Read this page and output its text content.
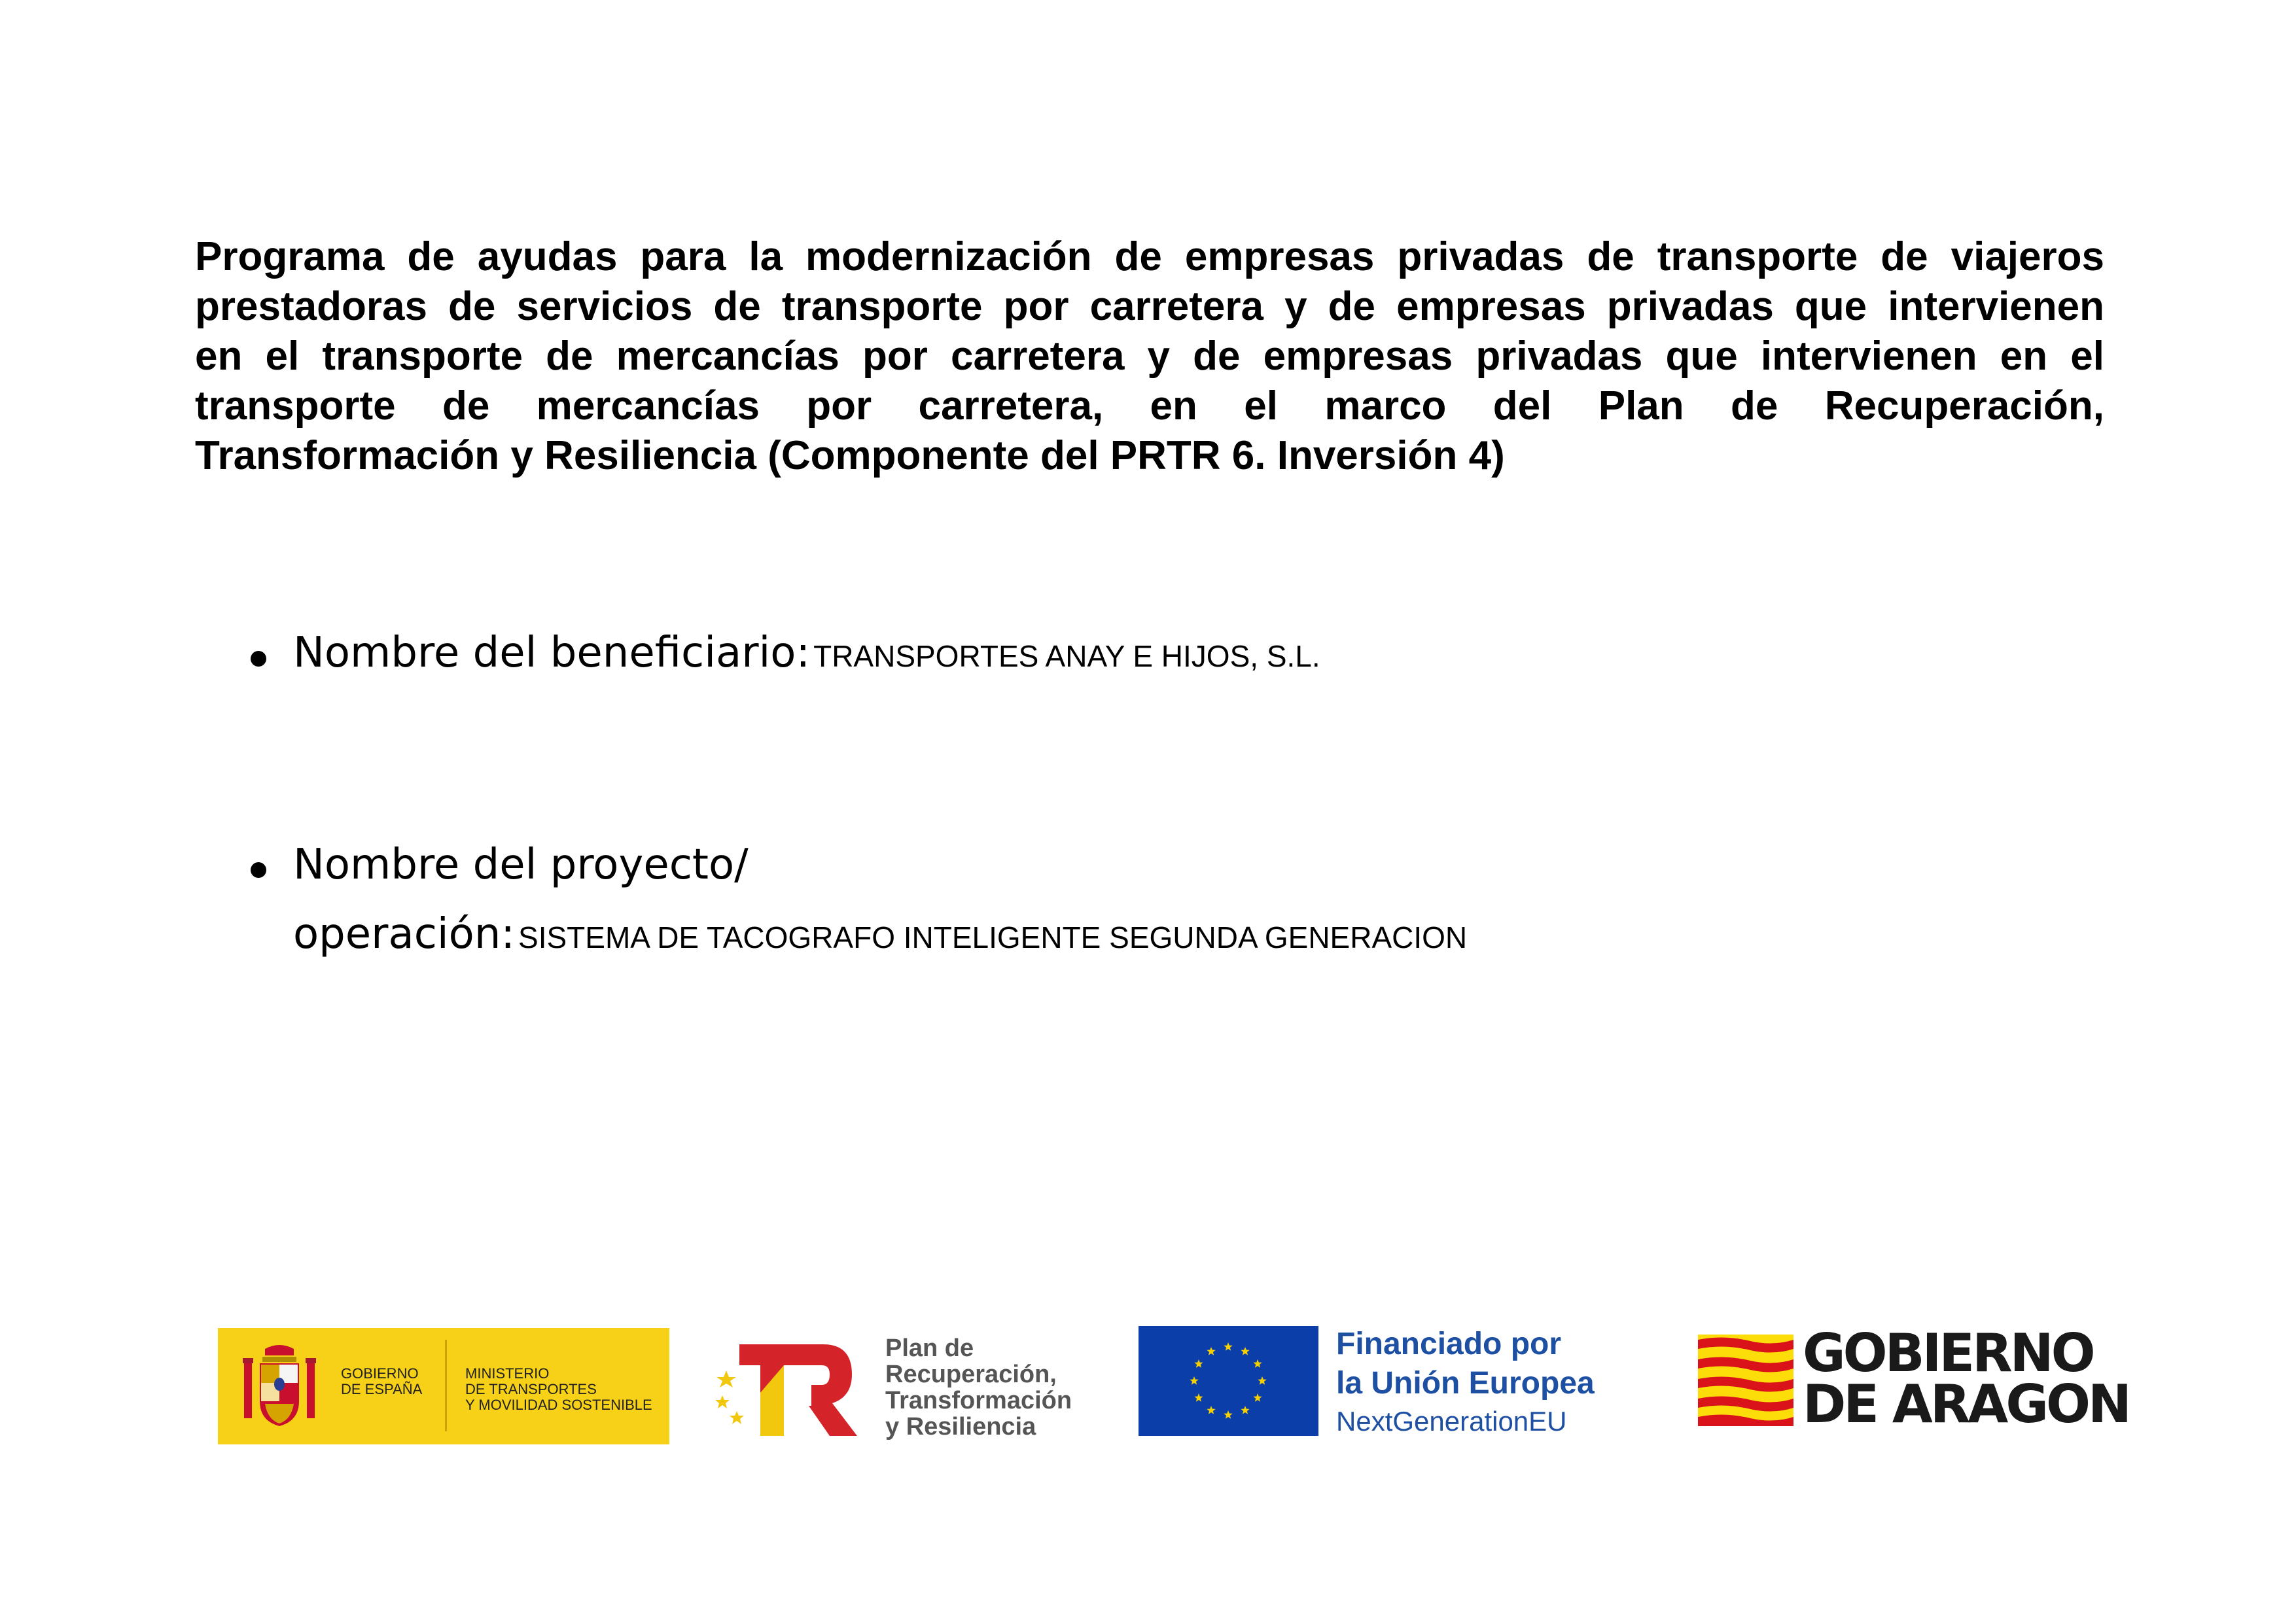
Programa de ayudas para la modernización de empresas privadas de transporte de viajeros
prestadoras de servicios de transporte por carretera y de empresas privadas que intervienen
en el transporte de mercancías por carretera y de empresas privadas que intervienen en el
transporte de mercancías por carretera, en el marco del Plan de Recuperación,
Transformación y Resiliencia (Componente del PRTR 6. Inversión 4)
Nombre del beneficiario: TRANSPORTES ANAY E HIJOS, S.L.
Nombre del proyecto/
operación: SISTEMA DE TACOGRAFO INTELIGENTE SEGUNDA GENERACION
GOBIERNO
DE ESPAÑA
MINISTERIO
DE TRANSPORTES
Y MOVILIDAD SOSTENIBLE
Plan de
Recuperación,
Transformación
y Resiliencia
Financiado por
la Unión Europea
NextGenerationEU
GOBIERNO
DE ARAGON
